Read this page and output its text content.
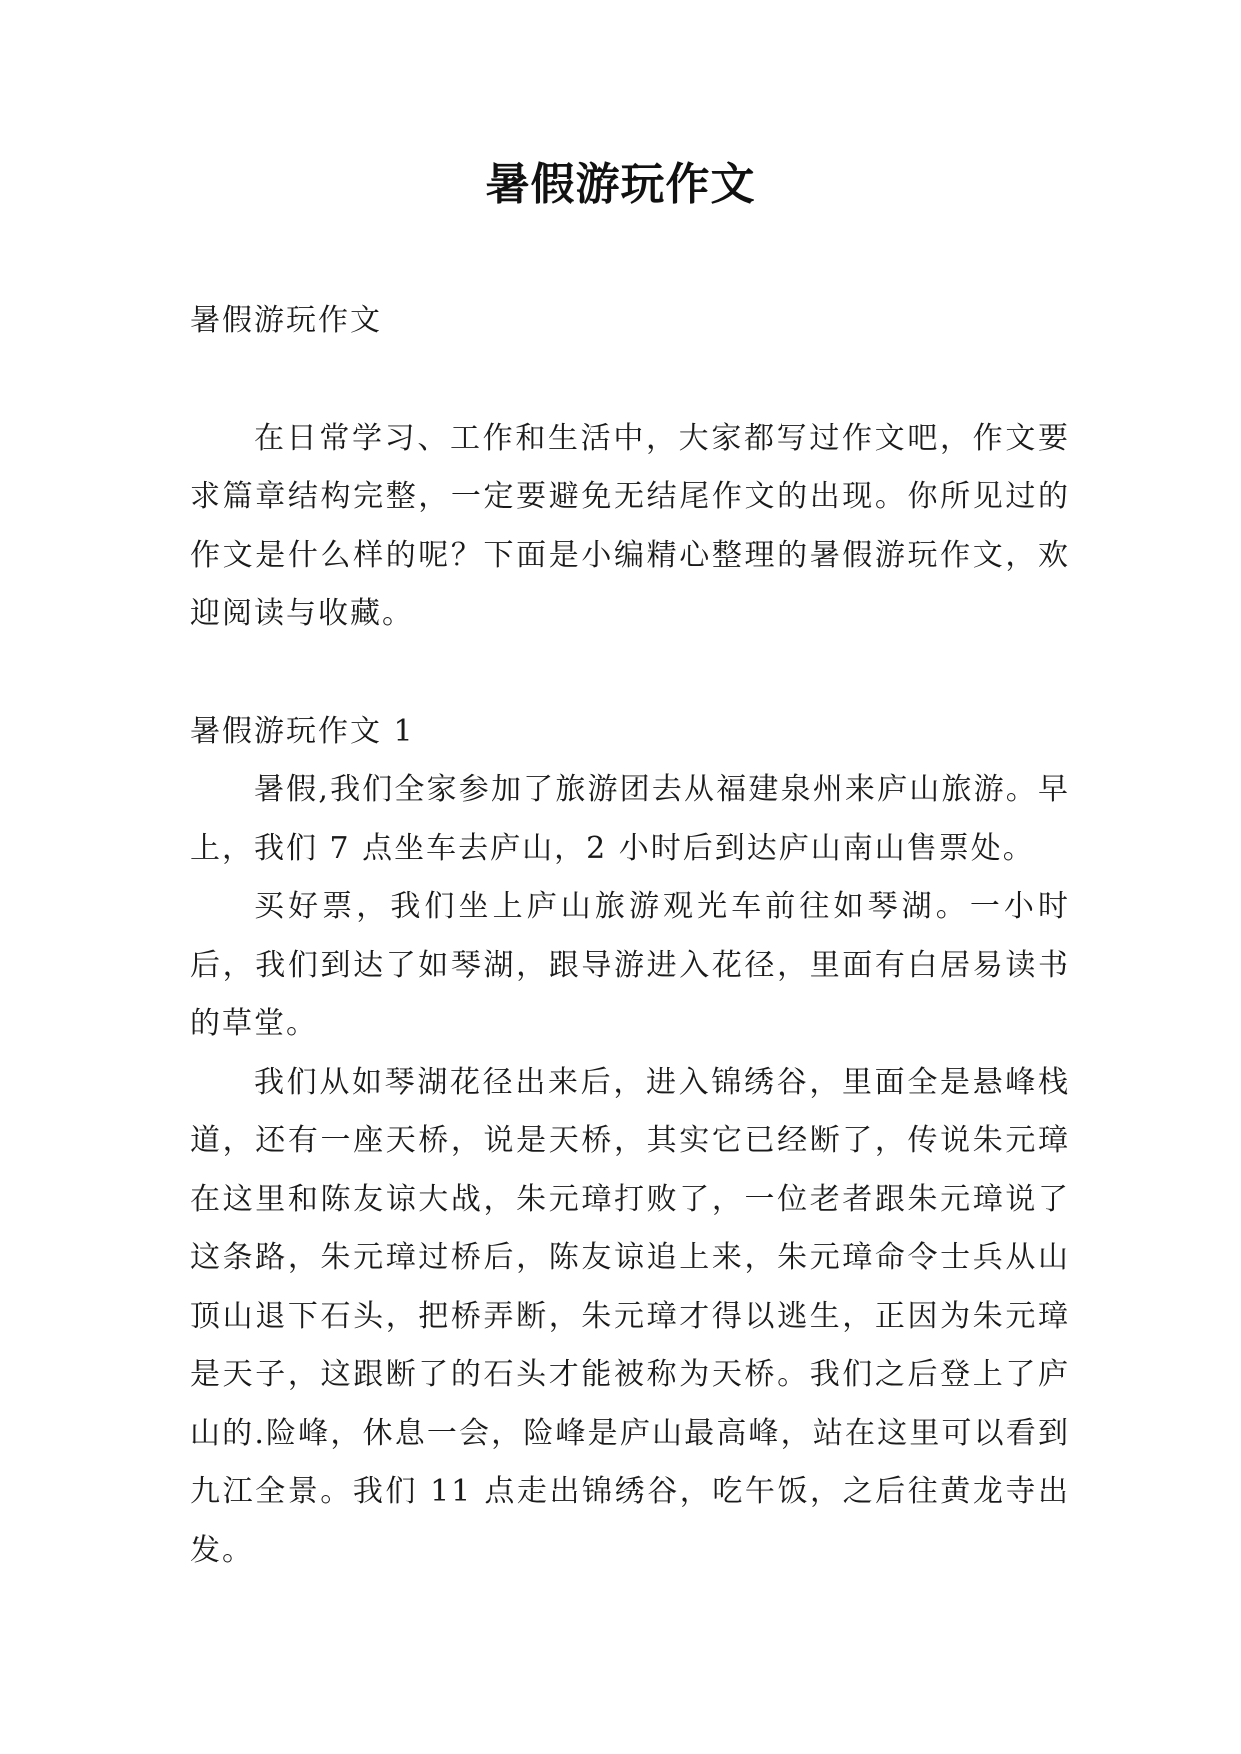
暑假游玩作文

暑假游玩作文

在日常学习、工作和生活中，大家都写过作文吧，作文要求篇章结构完整，一定要避免无结尾作文的出现。你所见过的作文是什么样的呢？下面是小编精心整理的暑假游玩作文，欢迎阅读与收藏。

暑假游玩作文 1

暑假,我们全家参加了旅游团去从福建泉州来庐山旅游。早上，我们 7 点坐车去庐山，2 小时后到达庐山南山售票处。

买好票，我们坐上庐山旅游观光车前往如琴湖。一小时后，我们到达了如琴湖，跟导游进入花径，里面有白居易读书的草堂。

我们从如琴湖花径出来后，进入锦绣谷，里面全是悬峰栈道，还有一座天桥，说是天桥，其实它已经断了，传说朱元璋在这里和陈友谅大战，朱元璋打败了，一位老者跟朱元璋说了这条路，朱元璋过桥后，陈友谅追上来，朱元璋命令士兵从山顶山退下石头，把桥弄断，朱元璋才得以逃生，正因为朱元璋是天子，这跟断了的石头才能被称为天桥。我们之后登上了庐山的.险峰，休息一会，险峰是庐山最高峰，站在这里可以看到九江全景。我们 11 点走出锦绣谷，吃午饭，之后往黄龙寺出发。
